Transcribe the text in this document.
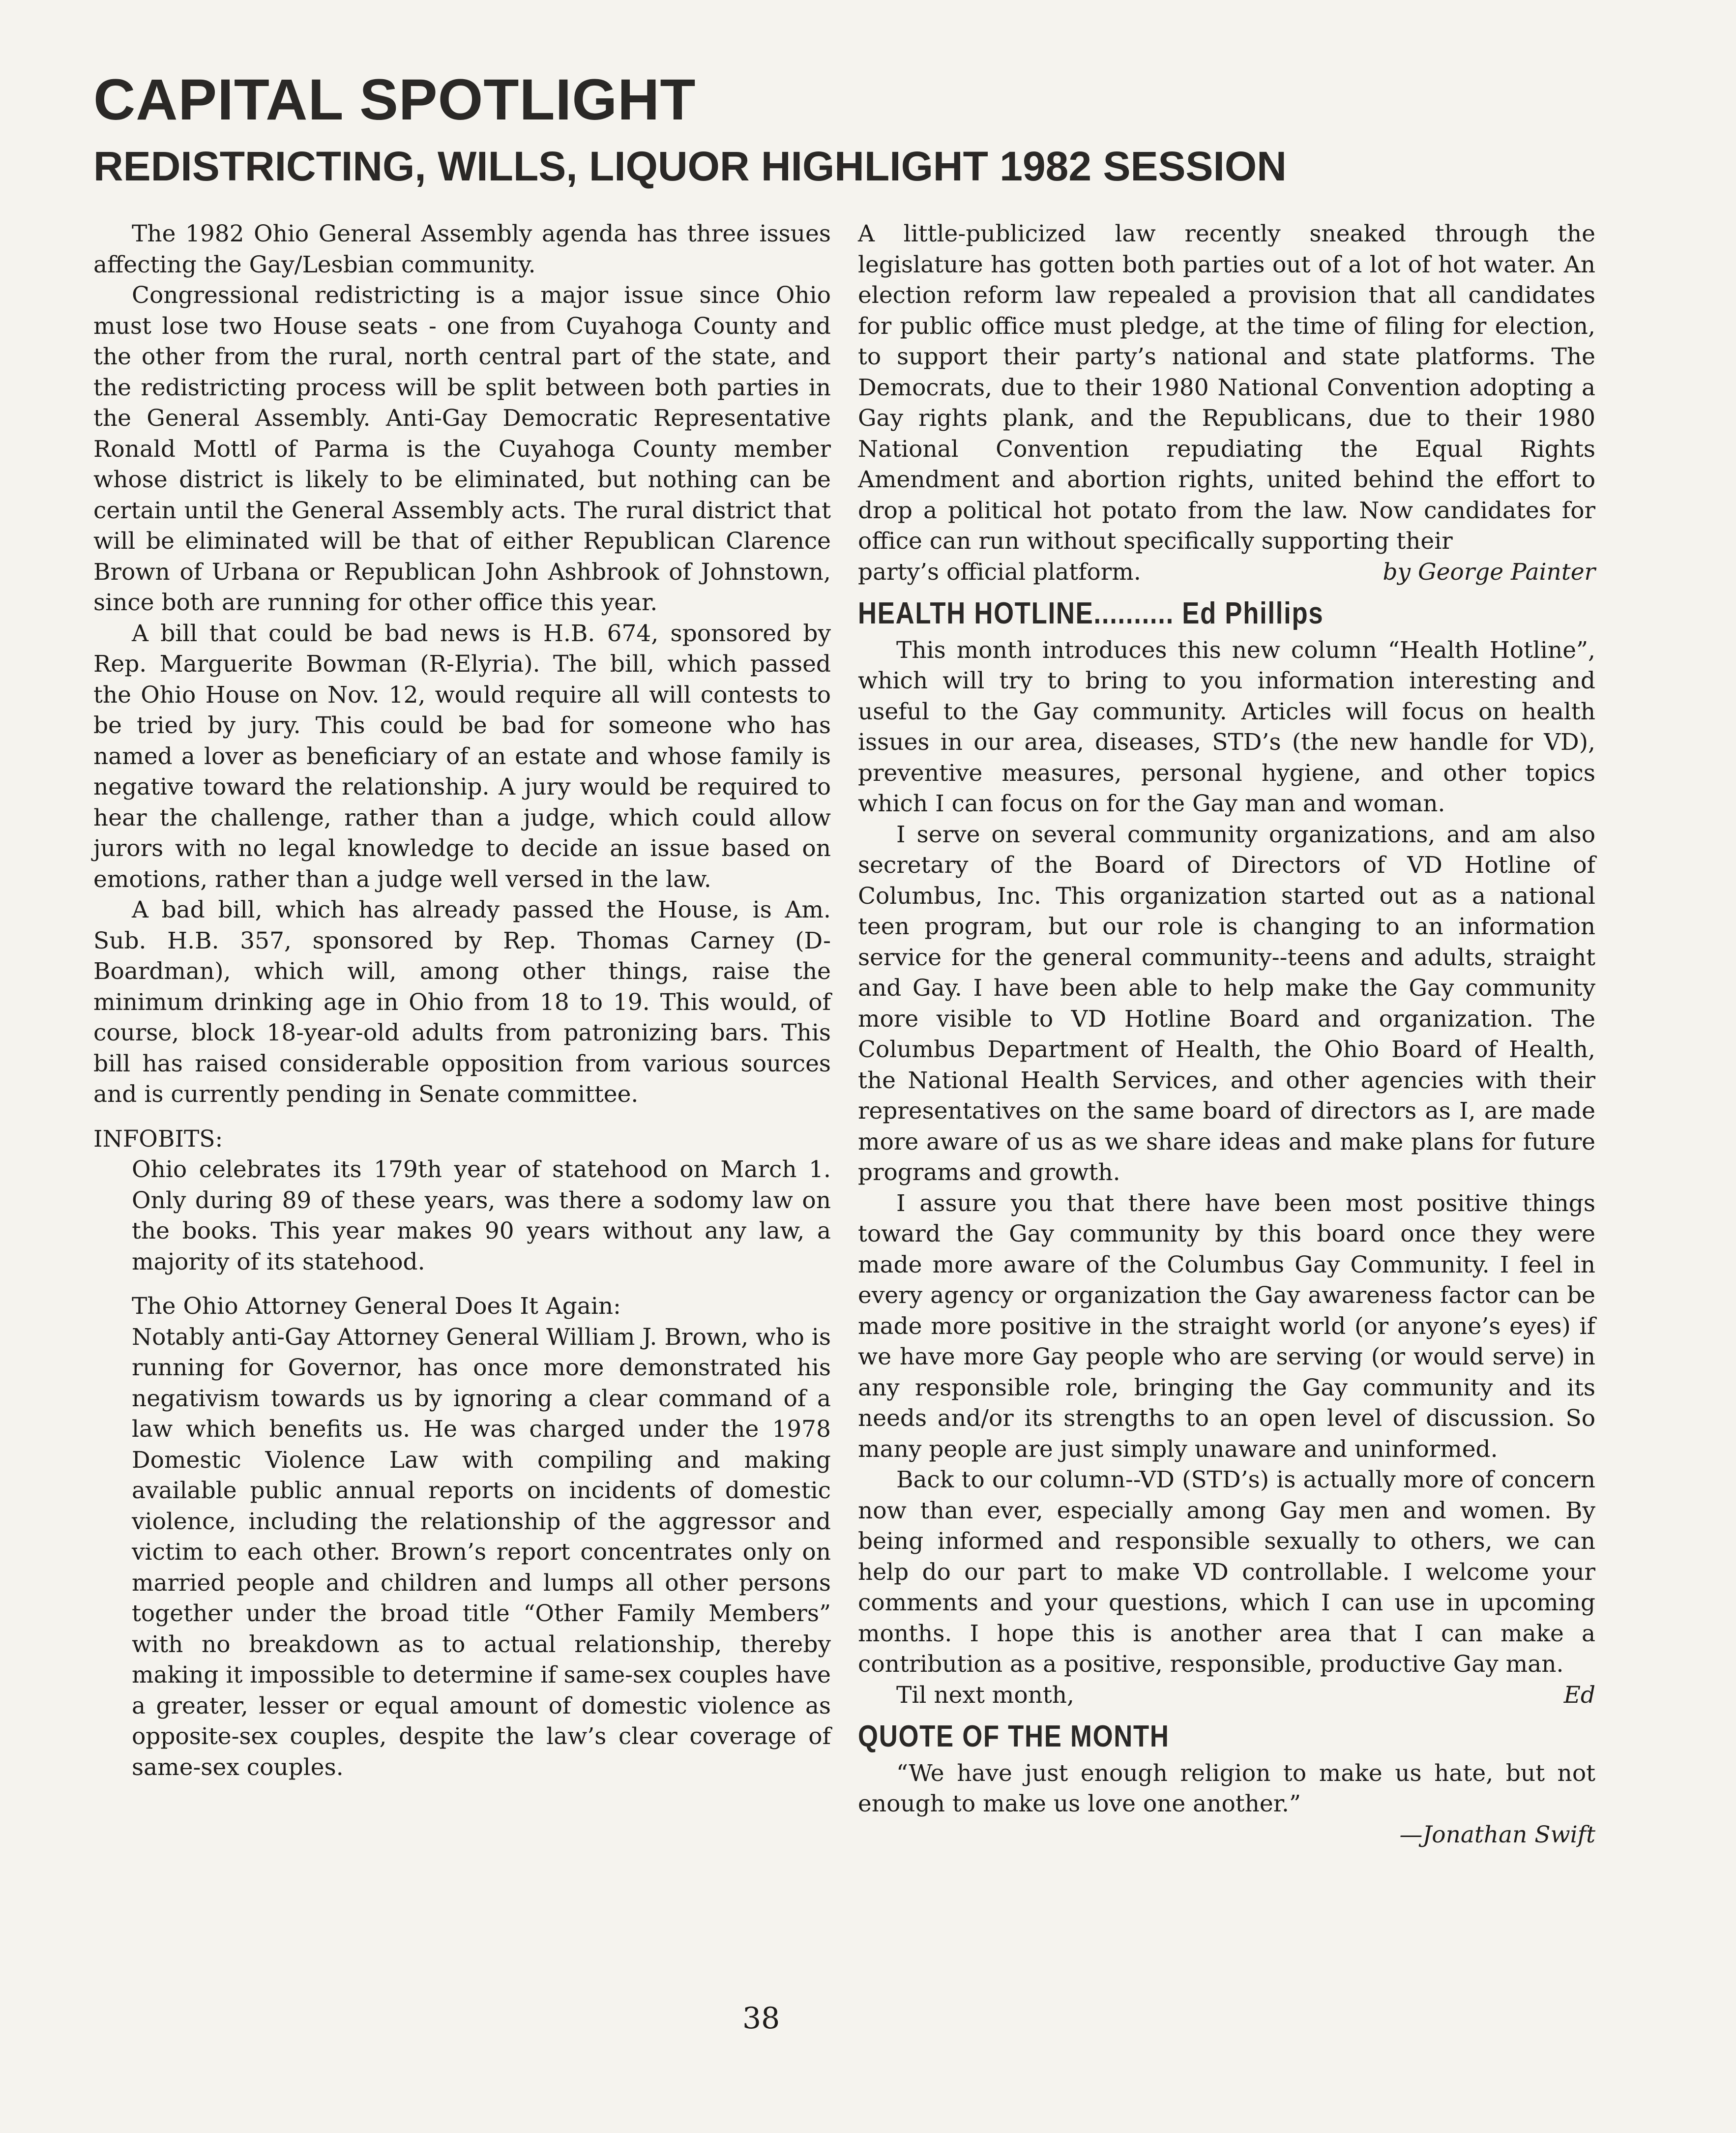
CAPITAL SPOTLIGHT
REDISTRICTING, WILLS, LIQUOR HIGHLIGHT 1982 SESSION

The 1982 Ohio General Assembly agenda has three issues affecting the Gay/Lesbian community.

Congressional redistricting is a major issue since Ohio must lose two House seats - one from Cuyahoga County and the other from the rural, north central part of the state, and the redistricting process will be split between both parties in the General Assembly. Anti-Gay Democratic Representative Ronald Mottl of Parma is the Cuyahoga County member whose district is likely to be eliminated, but nothing can be certain until the General Assembly acts. The rural district that will be eliminated will be that of either Republican Clarence Brown of Urbana or Republican John Ashbrook of Johnstown, since both are running for other office this year.

A bill that could be bad news is H.B. 674, sponsored by Rep. Marguerite Bowman (R-Elyria). The bill, which passed the Ohio House on Nov. 12, would require all will contests to be tried by jury. This could be bad for someone who has named a lover as beneficiary of an estate and whose family is negative toward the relationship. A jury would be required to hear the challenge, rather than a judge, which could allow jurors with no legal knowledge to decide an issue based on emotions, rather than a judge well versed in the law.

A bad bill, which has already passed the House, is Am. Sub. H.B. 357, sponsored by Rep. Thomas Carney (D-Boardman), which will, among other things, raise the minimum drinking age in Ohio from 18 to 19. This would, of course, block 18-year-old adults from patronizing bars. This bill has raised considerable opposition from various sources and is currently pending in Senate committee.

INFOBITS:

Ohio celebrates its 179th year of statehood on March 1. Only during 89 of these years, was there a sodomy law on the books. This year makes 90 years without any law, a majority of its statehood.

The Ohio Attorney General Does It Again:

Notably anti-Gay Attorney General William J. Brown, who is running for Governor, has once more demonstrated his negativism towards us by ignoring a clear command of a law which benefits us. He was charged under the 1978 Domestic Violence Law with compiling and making available public annual reports on incidents of domestic violence, including the relationship of the aggressor and victim to each other. Brown’s report concentrates only on married people and children and lumps all other persons together under the broad title “Other Family Members” with no breakdown as to actual relationship, thereby making it impossible to determine if same-sex couples have a greater, lesser or equal amount of domestic violence as opposite-sex couples, despite the law’s clear coverage of same-sex couples.

38

A little-publicized law recently sneaked through the legislature has gotten both parties out of a lot of hot water. An election reform law repealed a provision that all candidates for public office must pledge, at the time of filing for election, to support their party’s national and state platforms. The Democrats, due to their 1980 National Convention adopting a Gay rights plank, and the Republicans, due to their 1980 National Convention repudiating the Equal Rights Amendment and abortion rights, united behind the effort to drop a political hot potato from the law. Now candidates for office can run without specifically supporting their

party’s official platform.	by George Painter
HEALTH HOTLINE.......... Ed Phillips

This month introduces this new column “Health Hotline”, which will try to bring to you information interesting and useful to the Gay community. Articles will focus on health issues in our area, diseases, STD’s (the new handle for VD), preventive measures, personal hygiene, and other topics which I can focus on for the Gay man and woman.

I serve on several community organizations, and am also secretary of the Board of Directors of VD Hotline of Columbus, Inc. This organization started out as a national teen program, but our role is changing to an information service for the general community--teens and adults, straight and Gay. I have been able to help make the Gay community more visible to VD Hotline Board and organization. The Columbus Department of Health, the Ohio Board of Health, the National Health Services, and other agencies with their representatives on the same board of directors as I, are made more aware of us as we share ideas and make plans for future programs and growth.

I assure you that there have been most positive things toward the Gay community by this board once they were made more aware of the Columbus Gay Community. I feel in every agency or organization the Gay awareness factor can be made more positive in the straight world (or anyone’s eyes) if we have more Gay people who are serving (or would serve) in any responsible role, bringing the Gay community and its needs and/or its strengths to an open level of discussion. So many people are just simply unaware and uninformed.

Back to our column--VD (STD’s) is actually more of concern now than ever, especially among Gay men and women. By being informed and responsible sexually to others, we can help do our part to make VD controllable. I welcome your comments and your questions, which I can use in upcoming months. I hope this is another area that I can make a contribution as a positive, responsible, productive Gay man.

Til next month,	Ed
QUOTE OF THE MONTH

“We have just enough religion to make us hate, but not enough to make us love one another.”

—Jonathan Swift
